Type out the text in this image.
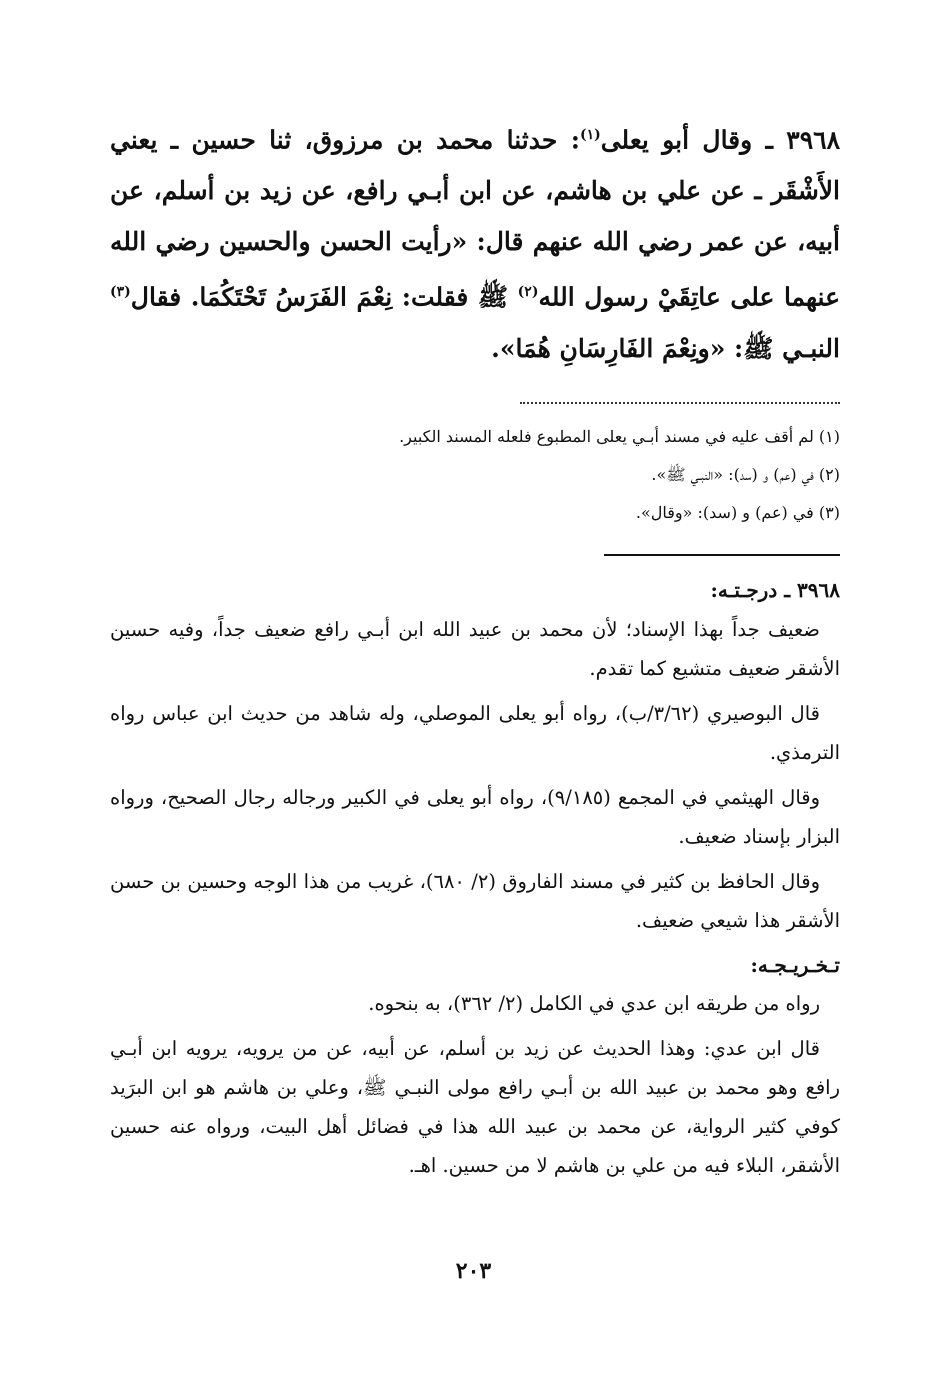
٣٩٦٨ ـ وقال أبو يعلى$^{(١)}$: حدثنا محمد بن مرزوق، ثنا حسين ـ يعني الأَشْقَر ـ عن علي بن هاشم، عن ابن أبـي رافع، عن زيد بن أسلم، عن أبيه، عن عمر رضي الله عنهم قال: «رأيت الحسن والحسين رضي الله عنهما على عاتِقَيْ رسول الله$^{(٢)}$ ﷺ فقلت: نِعْمَ الفَرَسُ تَحْتَكُمَا. فقال$^{(٣)}$ النبـي ﷺ: «ونِعْمَ الفَارِسَانِ هُمَا».

(١) لم أقف عليه في مسند أبـي يعلى المطبوع فلعله المسند الكبير.

(٢) في (عم) و (سد): «النبـي ﷺ».

(٣) في (عم) و (سد): «وقال».

٣٩٦٨ ـ درجـتـه:

ضعيف جداً بهذا الإسناد؛ لأن محمد بن عبيد الله ابن أبـي رافع ضعيف جداً، وفيه حسين الأشقر ضعيف متشيع كما تقدم.

قال البوصيري (٣/٦٢/ب)، رواه أبو يعلى الموصلي، وله شاهد من حديث ابن عباس رواه الترمذي.

وقال الهيثمي في المجمع (٩/١٨٥)، رواه أبو يعلى في الكبير ورجاله رجال الصحيح، ورواه البزار بإسناد ضعيف.

وقال الحافظ بن كثير في مسند الفاروق (٢/ ٦٨٠)، غريب من هذا الوجه وحسين بن حسن الأشقر هذا شيعي ضعيف.

تـخـريـجـه:

رواه من طريقه ابن عدي في الكامل (٢/ ٣٦٢)، به بنحوه.

قال ابن عدي: وهذا الحديث عن زيد بن أسلم، عن أبيه، عن من يرويه، يرويه ابن أبـي رافع وهو محمد بن عبيد الله بن أبـي رافع مولى النبـي ﷺ، وعلي بن هاشم هو ابن البرَيد كوفي كثير الرواية، عن محمد بن عبيد الله هذا في فضائل أهل البيت، ورواه عنه حسين الأشقر، البلاء فيه من علي بن هاشم لا من حسين. اهـ.

٢٠٣
